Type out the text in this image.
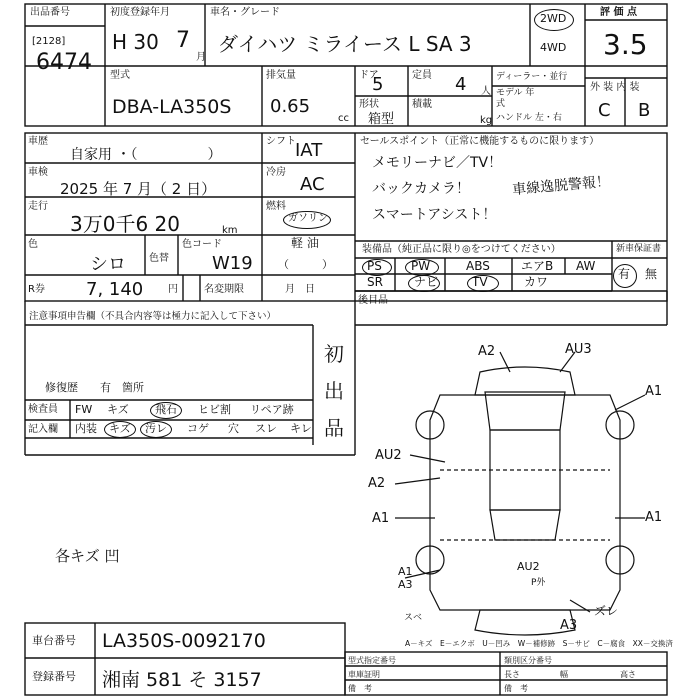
出品番号
[2128]
6474
初度登録年月
H 30 7
月
車名・グレード
ダイハツ ミライース L SA 3
2WD
4WD
評 価 点
3.5
外 装 内 装
C B
型式
DBA-LA350S
排気量
0.65
cc
ドア
5	定員 4 人
ディーラー・並行
モデル 年式
形状
箱型
積載
kg ハンドル 左・右
車歴
自家用 ・（　　　　　）
シフト IAT
車検
2025 年 7 月（ 2 日）
冷房
AC
走行
3万0千6 20	km
燃料
ガソリン
軽 油
（　　　）
色
シロ 色替
色コード
W19
R券 7, 140 円	名変期限	月　日
セールスポイント（正常に機能するものに限ります）
メモリーナビ／TV！
バックカメラ！
スマートアシスト！
車線逸脱警報！
装備品（純正品に限り◎をつけてください）	新車保証書
PS PW	ABS	エアB AW
SR	ナビ	TV	カワ
有 無
後目品
注意事項申告欄（不具合内容等は極力に記入して下さい）
初
出
品
修復歴　　有　箇所
検査員
記入欄
FW キズ 飛石 ヒビ割 リペア跡
内装 キズ 汚レ コゲ 穴 スレ キレ
各キズ 凹
A2	AU3
A1
AU2
A2
A1	A1
A1	AU2
P外
スベ
A3
ズレ
A3
A－キズ　E－エクボ　U－凹み　W－補修跡　S－サビ　C－腐食　XX－交換済
車台番号 LA350S-0092170
登録番号 湘南 581 そ 3157
型式指定番号	類別区分番号
車庫証明	長さ	幅	高さ
備　考	備　考
